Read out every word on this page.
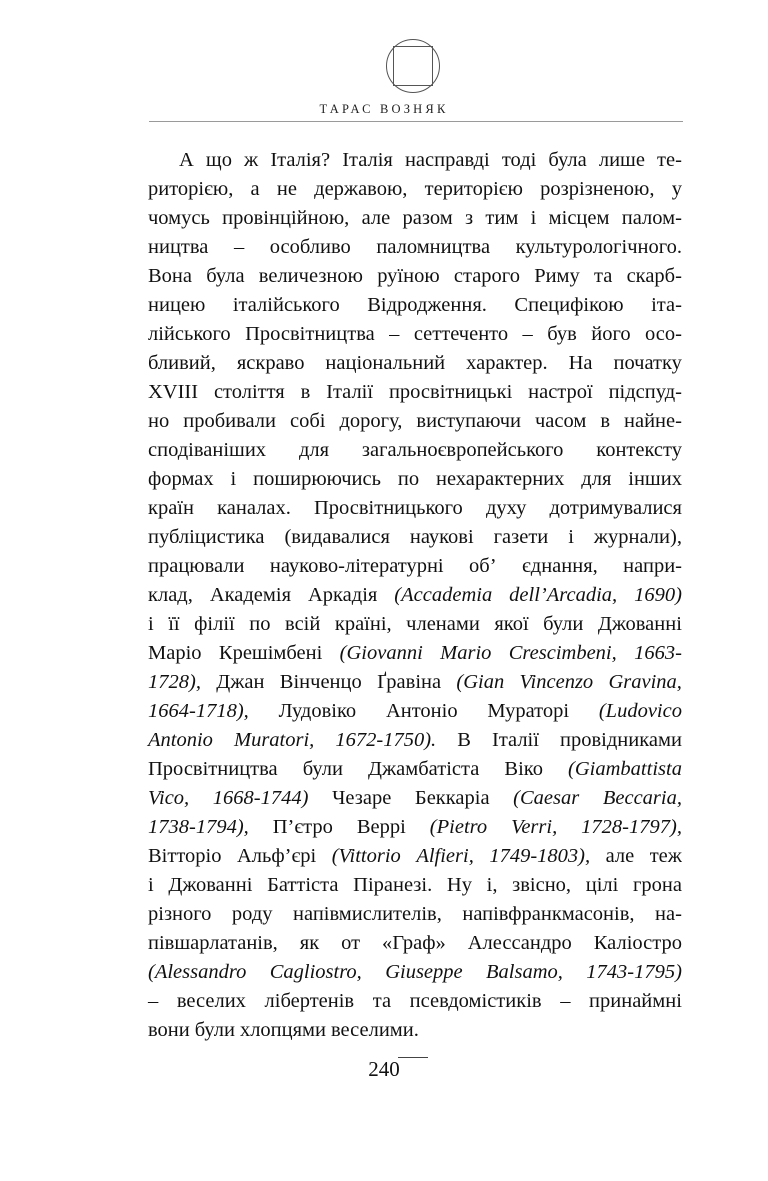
ТАРАС ВОЗНЯК
А що ж Італія? Італія насправді тоді була лише те-
риторією, а не державою, територією розрізненою, у
чомусь провінційною, але разом з тим і місцем палом-
ництва – особливо паломництва культурологічного.
Вона була величезною руїною старого Риму та скарб-
ницею італійського Відродження. Специфікою іта-
лійського Просвітництва – сеттеченто – був його осо-
бливий, яскраво національний характер. На початку
XVIII століття в Італії просвітницькі настрої підспуд-
но пробивали собі дорогу, виступаючи часом в найне-
сподіваніших для загальноєвропейського контексту
формах і поширюючись по нехарактерних для інших
країн каналах. Просвітницького духу дотримувалися
публіцистика (видавалися наукові газети і журнали),
працювали науково-літературні об’ єднання, напри-
клад, Академія Аркадія (Accademia dell’Arcadia, 1690)
і її філії по всій країні, членами якої були Джованні
Маріо Крешімбені (Giovanni Mario Crescimbeni, 1663-
1728), Джан Вінченцо Ґравіна (Gian Vincenzo Gravina,
1664-1718), Лудовіко Антоніо Мураторі (Ludovico
Antonio Muratori, 1672-1750). В Італії провідниками
Просвітництва були Джамбатіста Віко (Giambattista
Vico, 1668-1744) Чезаре Беккаріа (Caesar Beccaria,
1738-1794), П’єтро Веррі (Pietro Verri, 1728-1797),
Вітторіо Альф’єрі (Vittorio Alfieri, 1749-1803), але теж
і Джованні Баттіста Піранезі. Ну і, звісно, цілі грона
різного роду напівмислителів, напівфранкмасонів, на-
півшарлатанів, як от «Граф» Алессандро Каліостро
(Alessandro Cagliostro, Giuseppe Balsamo, 1743-1795)
– веселих лібертенів та псевдомістиків – принаймні
вони були хлопцями веселими.
240
